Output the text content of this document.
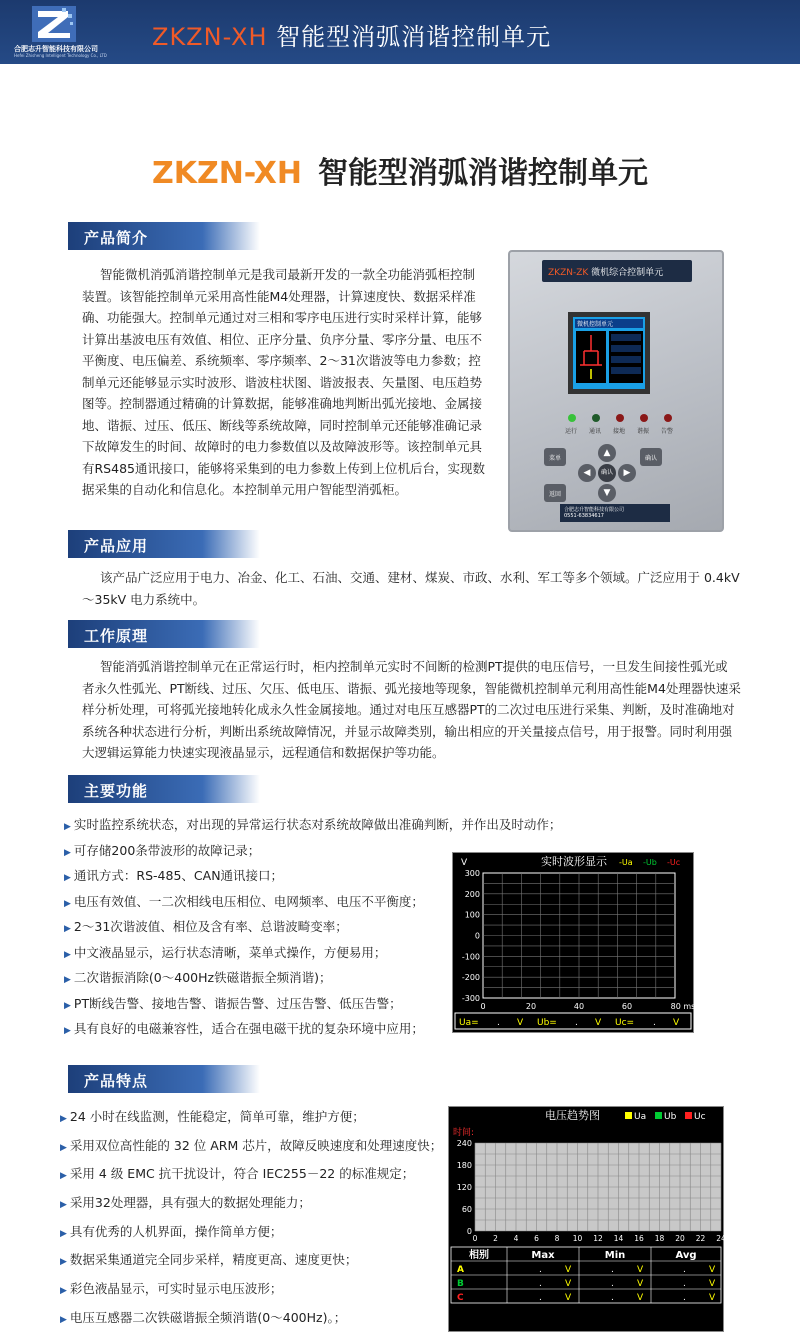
合肥志升智能科技有限公司
Hefei Zhisheng Intelligent Technology Co., LTD
ZKZN-XH 智能型消弧消谐控制单元
ZKZN-XH 智能型消弧消谐控制单元
产品简介
智能微机消弧消谐控制单元是我司最新开发的一款全功能消弧柜控制
装置。该智能控制单元采用高性能M4处理器，计算速度快、数据采样准
确、功能强大。控制单元通过对三相和零序电压进行实时采样计算，能够
计算出基波电压有效值、相位、正序分量、负序分量、零序分量、电压不
平衡度、电压偏差、系统频率、零序频率、2～31次谐波等电力参数；控
制单元还能够显示实时波形、谐波柱状图、谐波报表、矢量图、电压趋势
图等。控制器通过精确的计算数据，能够准确地判断出弧光接地、金属接
地、谐振、过压、低压、断线等系统故障，同时控制单元还能够准确记录
下故障发生的时间、故障时的电力参数值以及故障波形等。该控制单元具
有RS485通讯接口，能够将采集到的电力参数上传到上位机后台，实现数
据采集的自动化和信息化。本控制单元用户智能型消弧柜。
ZKZN-ZK 微机综合控制单元
微机控制单元
运行 通讯 接地 谐振 告警
菜单	确认
返回
▲
◀	确认	▶
▼
合肥志升智能科技有限公司
0551-63834617
产品应用
该产品广泛应用于电力、冶金、化工、石油、交通、建材、煤炭、市政、水利、军工等多个领域。广泛应用于 0.4kV
～35kV 电力系统中。
工作原理
智能消弧消谐控制单元在正常运行时，柜内控制单元实时不间断的检测PT提供的电压信号，一旦发生间接性弧光或
者永久性弧光、PT断线、过压、欠压、低电压、谐振、弧光接地等现象，智能微机控制单元利用高性能M4处理器快速采
样分析处理，可将弧光接地转化成永久性金属接地。通过对电压互感器PT的二次过电压进行采集、判断，及时准确地对
系统各种状态进行分析，判断出系统故障情况，并显示故障类别，输出相应的开关量接点信号，用于报警。同时利用强
大逻辑运算能力快速实现液晶显示，远程通信和数据保护等功能。
主要功能
▶ 实时监控系统状态，对出现的异常运行状态对系统故障做出准确判断，并作出及时动作；
▶ 可存储200条带波形的故障记录；
▶ 通讯方式：RS-485、CAN通讯接口；
▶ 电压有效值、一二次相线电压相位、电网频率、电压不平衡度；
▶ 2～31次谐波值、相位及含有率、总谐波畸变率；
▶ 中文液晶显示，运行状态清晰，菜单式操作，方便易用；
▶ 二次谐振消除(0～400Hz铁磁谐振全频消谐)；
▶ PT断线告警、接地告警、谐振告警、过压告警、低压告警；
▶ 具有良好的电磁兼容性，适合在强电磁干扰的复杂环境中应用；
V	实时波形显示 -Ua -Ub -Uc
300
200
100
0
-100
-200
-300
0	20	40	60	80 ms
Ua= . V Ub= . V Uc= . V
产品特点
▶ 24 小时在线监测，性能稳定，简单可靠，维护方便；
▶ 采用双位高性能的 32 位 ARM 芯片，故障反映速度和处理速度快；
▶ 采用 4 级 EMC 抗干扰设计，符合 IEC255－22 的标准规定；
▶ 采用32处理器，具有强大的数据处理能力；
▶ 具有优秀的人机界面，操作简单方便；
▶ 数据采集通道完全同步采样，精度更高、速度更快；
▶ 彩色液晶显示，可实时显示电压波形；
▶ 电压互感器二次铁磁谐振全频消谐(0～400Hz)。；
电压趋势图	Ua Ub Uc
时间:
240
180
120
60
0
0 2 4 6 8 10 12 14 16 18 20 22 24
相别	Max	Min	Avg
A	.	V	.	V	.	V
B	.	V	.	V	.	V
C	.	V	.	V	.	V
